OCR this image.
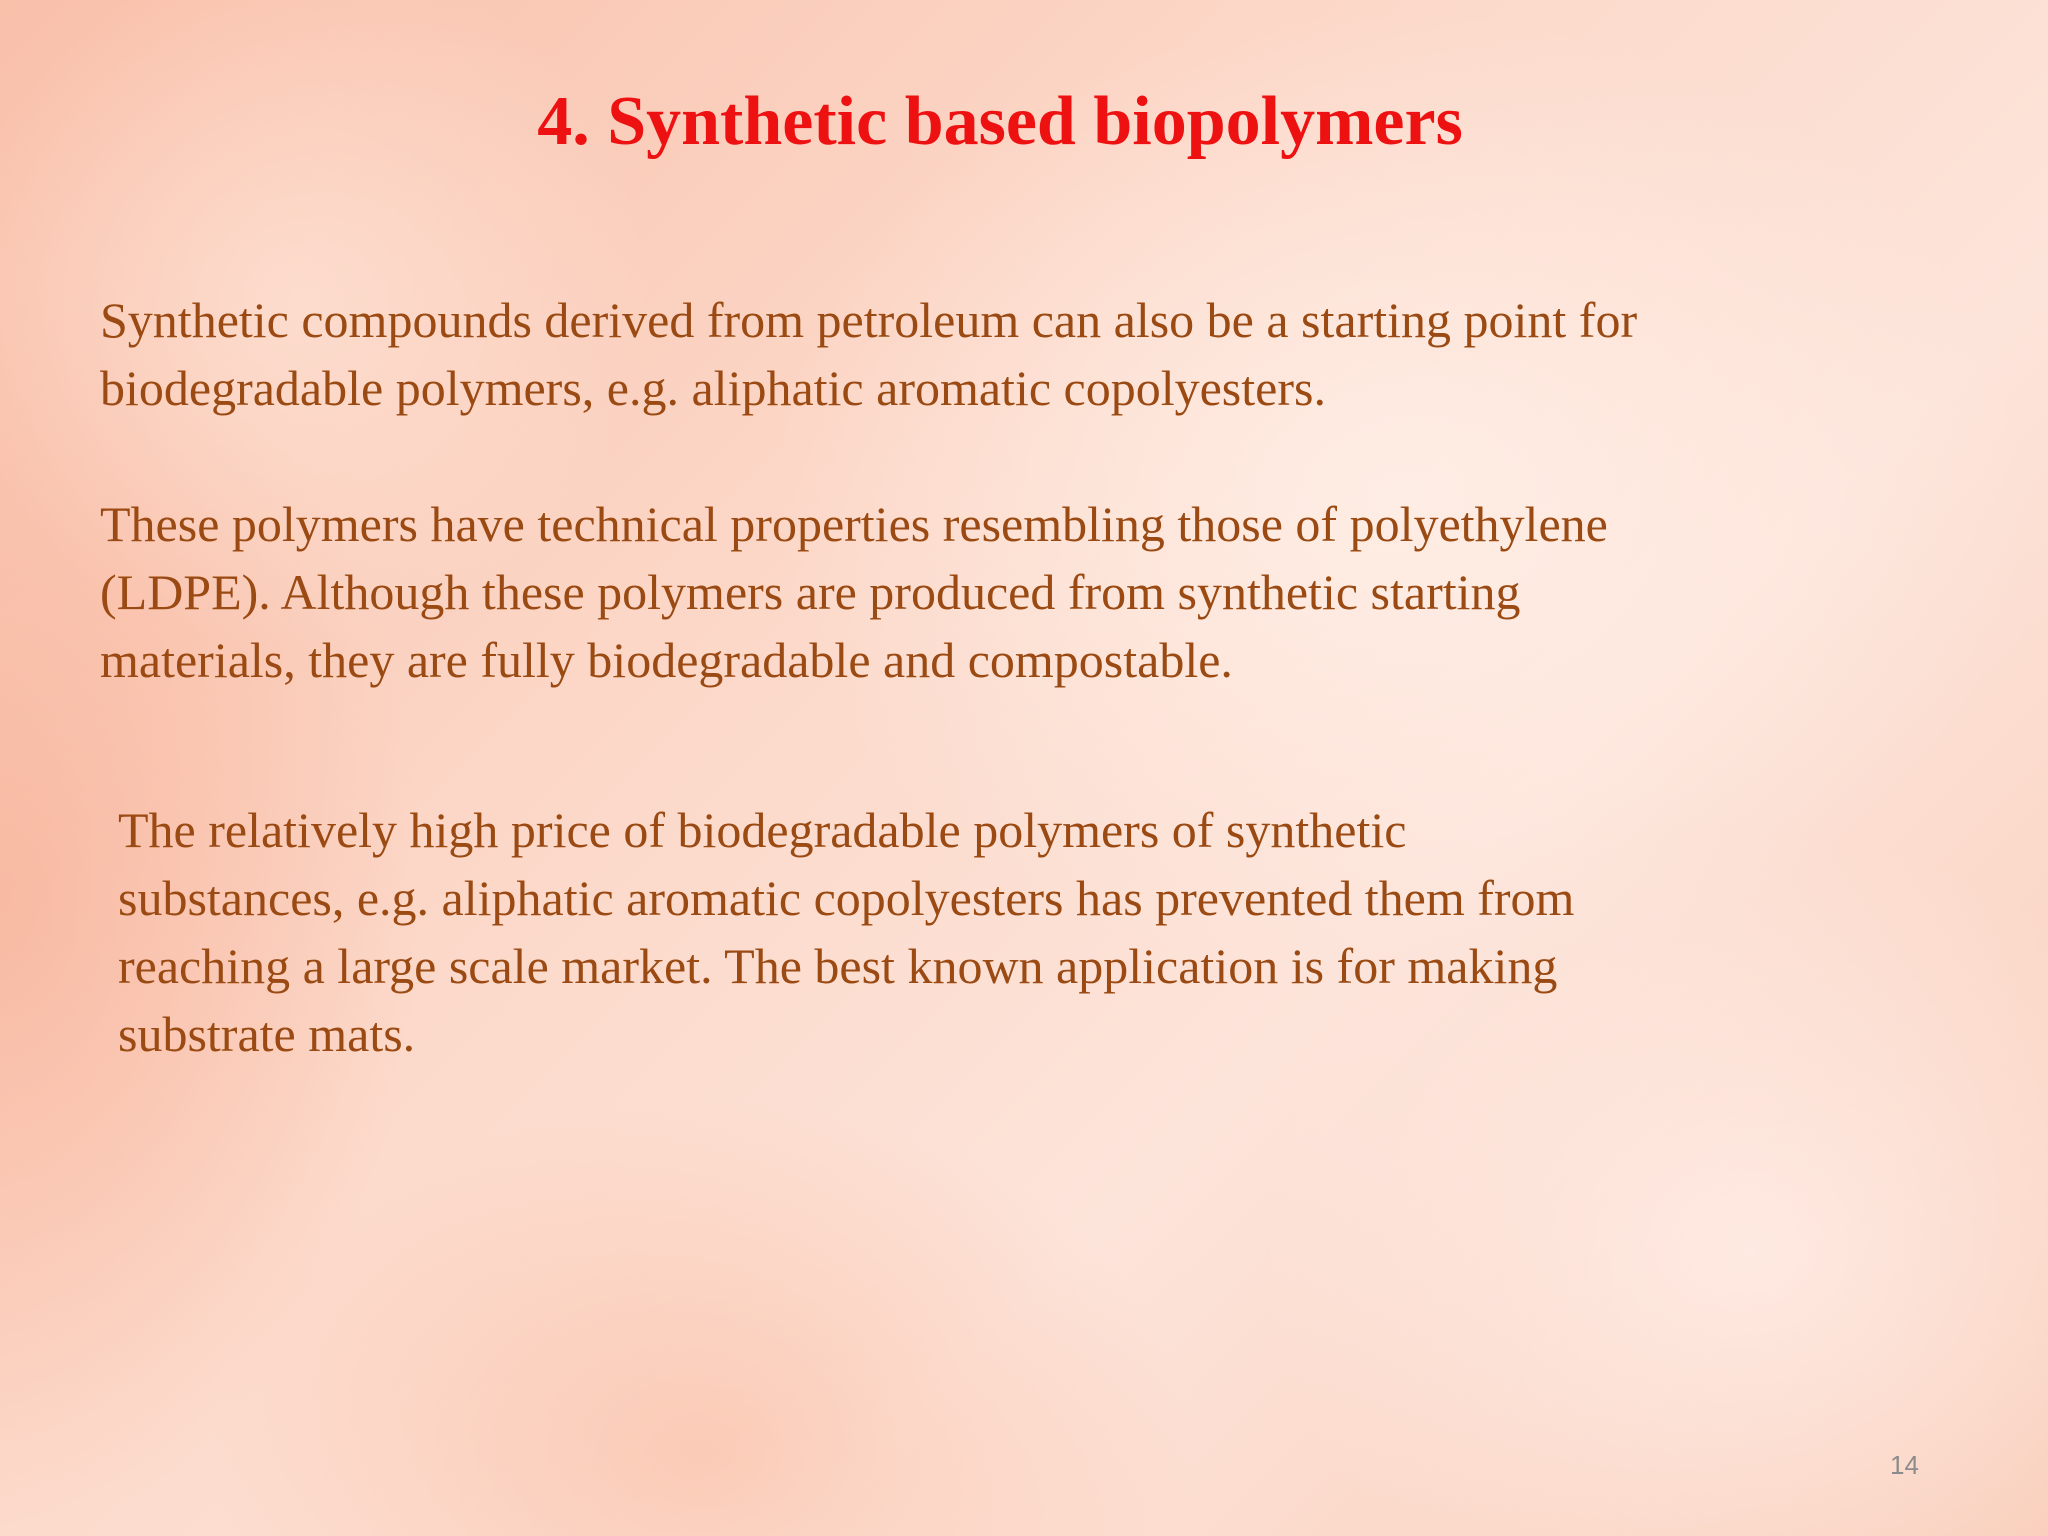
4. Synthetic based biopolymers

Synthetic compounds derived from petroleum can also be a starting point for
biodegradable polymers, e.g. aliphatic aromatic copolyesters.

These polymers have technical properties resembling those of polyethylene
(LDPE). Although these polymers are produced from synthetic starting
materials, they are fully biodegradable and compostable.

The relatively high price of biodegradable polymers of synthetic
substances, e.g. aliphatic aromatic copolyesters has prevented them from
reaching a large scale market. The best known application is for making
substrate mats.

14
